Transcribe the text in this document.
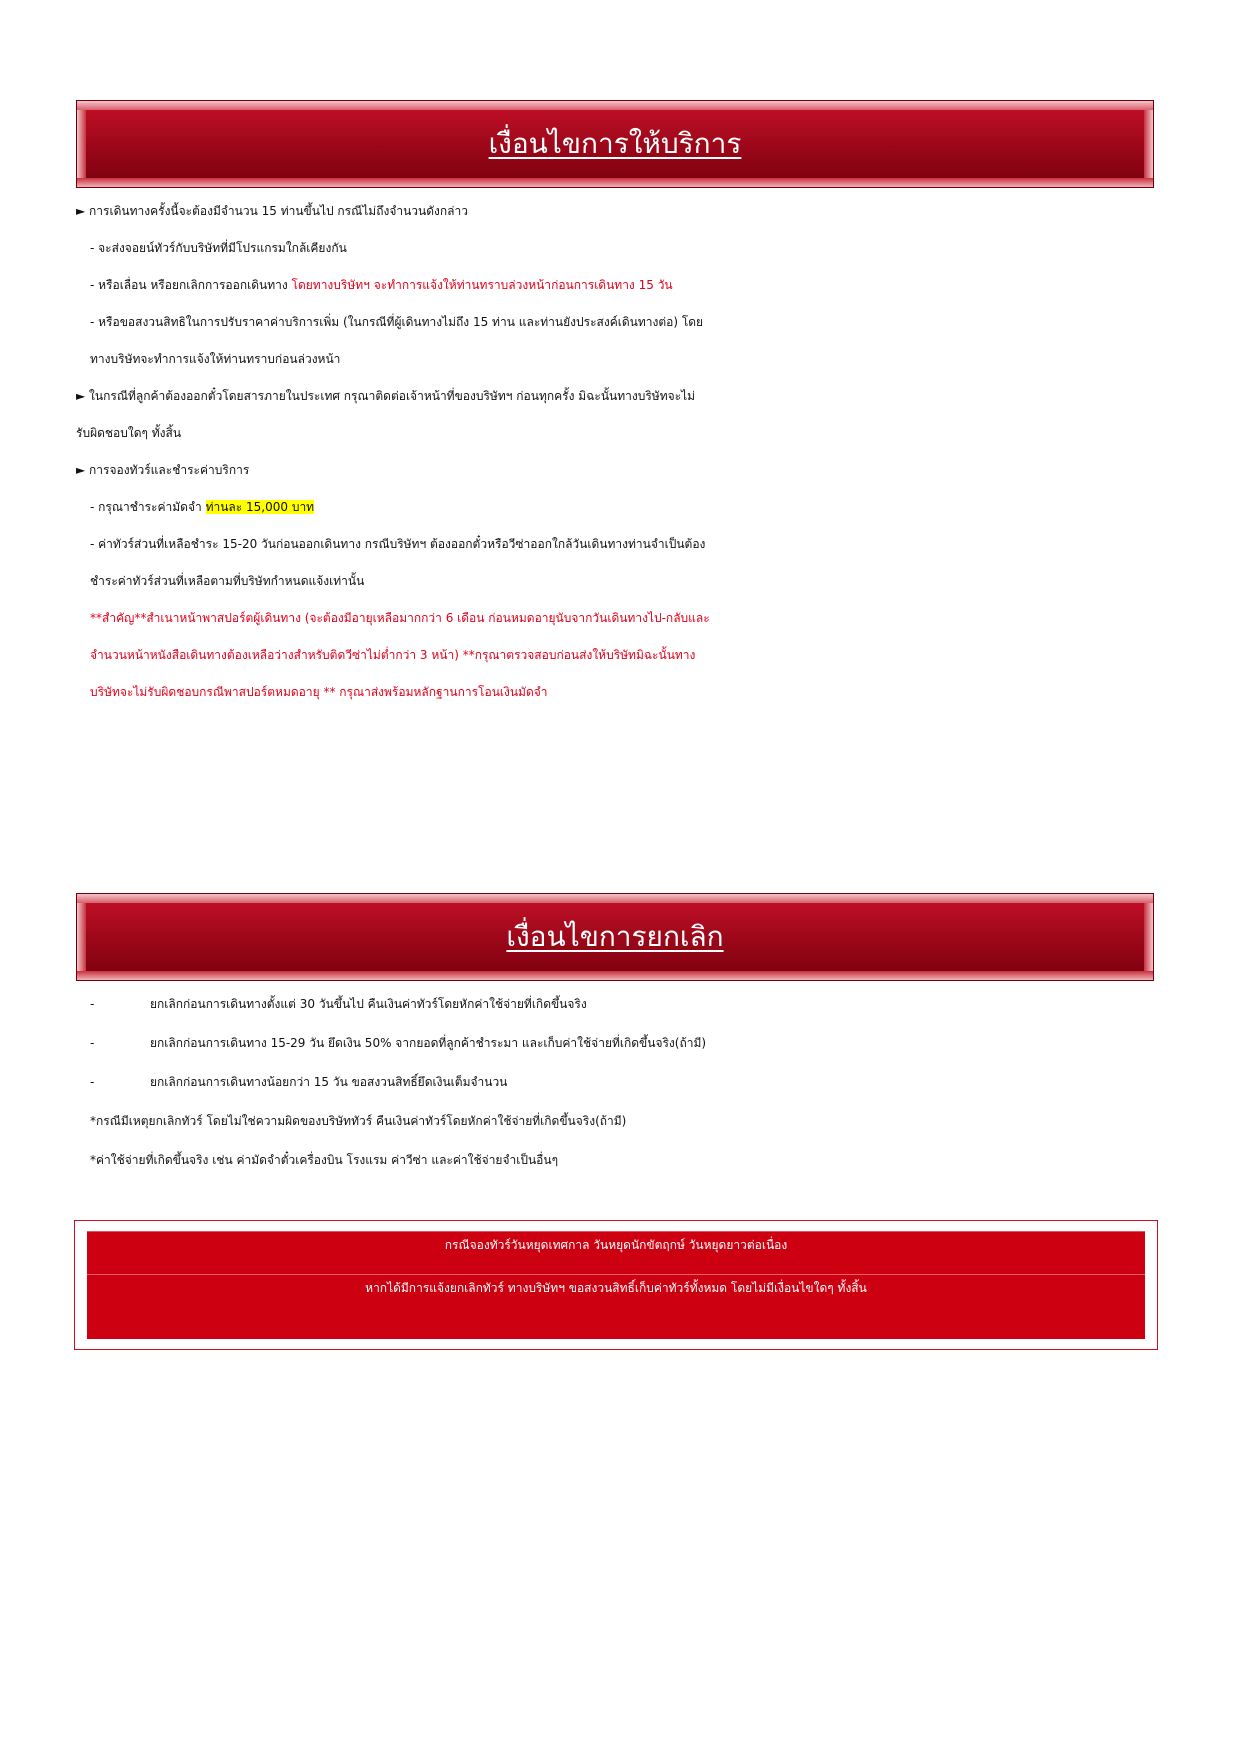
เงื่อนไขการให้บริการ

► การเดินทางครั้งนี้จะต้องมีจำนวน 15 ท่านขึ้นไป กรณีไม่ถึงจำนวนดังกล่าว

- จะส่งจอยน์ทัวร์กับบริษัทที่มีโปรแกรมใกล้เคียงกัน

- หรือเลื่อน หรือยกเลิกการออกเดินทาง โดยทางบริษัทฯ จะทำการแจ้งให้ท่านทราบล่วงหน้าก่อนการเดินทาง 15 วัน

- หรือขอสงวนสิทธิในการปรับราคาค่าบริการเพิ่ม (ในกรณีที่ผู้เดินทางไม่ถึง 15 ท่าน และท่านยังประสงค์เดินทางต่อ) โดย

ทางบริษัทจะทำการแจ้งให้ท่านทราบก่อนล่วงหน้า

► ในกรณีที่ลูกค้าต้องออกตั๋วโดยสารภายในประเทศ กรุณาติดต่อเจ้าหน้าที่ของบริษัทฯ ก่อนทุกครั้ง มิฉะนั้นทางบริษัทจะไม่

รับผิดชอบใดๆ ทั้งสิ้น

► การจองทัวร์และชำระค่าบริการ

- กรุณาชำระค่ามัดจำ ท่านละ 15,000 บาท

- ค่าทัวร์ส่วนที่เหลือชำระ 15-20 วันก่อนออกเดินทาง กรณีบริษัทฯ ต้องออกตั๋วหรือวีซ่าออกใกล้วันเดินทางท่านจำเป็นต้อง

ชำระค่าทัวร์ส่วนที่เหลือตามที่บริษัทกำหนดแจ้งเท่านั้น

**สำคัญ**สำเนาหน้าพาสปอร์ตผู้เดินทาง (จะต้องมีอายุเหลือมากกว่า 6 เดือน ก่อนหมดอายุนับจากวันเดินทางไป-กลับและ

จำนวนหน้าหนังสือเดินทางต้องเหลือว่างสำหรับติดวีซ่าไม่ต่ำกว่า 3 หน้า) **กรุณาตรวจสอบก่อนส่งให้บริษัทมิฉะนั้นทาง

บริษัทจะไม่รับผิดชอบกรณีพาสปอร์ตหมดอายุ ** กรุณาส่งพร้อมหลักฐานการโอนเงินมัดจำ

เงื่อนไขการยกเลิก

-	ยกเลิกก่อนการเดินทางตั้งแต่ 30 วันขึ้นไป คืนเงินค่าทัวร์โดยหักค่าใช้จ่ายที่เกิดขึ้นจริง

-	ยกเลิกก่อนการเดินทาง 15-29 วัน ยึดเงิน 50% จากยอดที่ลูกค้าชำระมา และเก็บค่าใช้จ่ายที่เกิดขึ้นจริง(ถ้ามี)

-	ยกเลิกก่อนการเดินทางน้อยกว่า 15 วัน ขอสงวนสิทธิ์ยึดเงินเต็มจำนวน

*กรณีมีเหตุยกเลิกทัวร์ โดยไม่ใช่ความผิดของบริษัททัวร์ คืนเงินค่าทัวร์โดยหักค่าใช้จ่ายที่เกิดขึ้นจริง(ถ้ามี)

*ค่าใช้จ่ายที่เกิดขึ้นจริง เช่น ค่ามัดจำตั๋วเครื่องบิน โรงแรม ค่าวีซ่า และค่าใช้จ่ายจำเป็นอื่นๆ

กรณีจองทัวร์วันหยุดเทศกาล วันหยุดนักขัตฤกษ์ วันหยุดยาวต่อเนื่อง
หากได้มีการแจ้งยกเลิกทัวร์ ทางบริษัทฯ ขอสงวนสิทธิ์เก็บค่าทัวร์ทั้งหมด โดยไม่มีเงื่อนไขใดๆ ทั้งสิ้น
